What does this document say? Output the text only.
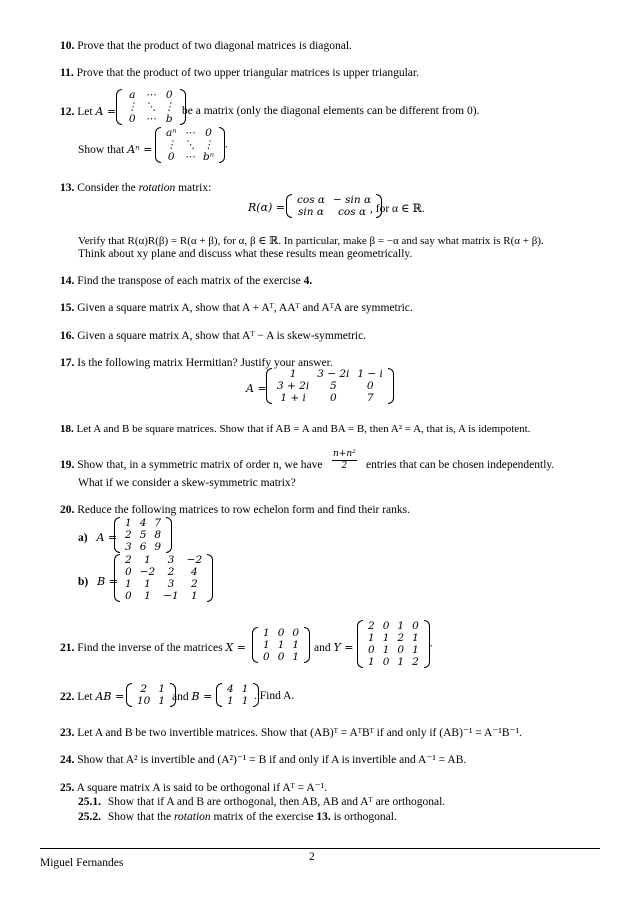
10. Prove that the product of two diagonal matrices is diagonal.
11. Prove that the product of two upper triangular matrices is upper triangular.
12. Let A =
a ⋯ 0
⋮ ⋱ ⋮
0 ⋯ b
be a matrix (only the diagonal elements can be different from 0).
Show that Aⁿ =
aⁿ ⋯ 0
⋮ ⋱ ⋮
0 ⋯ bⁿ
.
13. Consider the rotation matrix:
R(α) =
cos α − sin α
sin α	cos α , for α ∈ ℝ.
Verify that R(α)R(β) = R(α + β), for α, β ∈ ℝ. In particular, make β = −α and say what matrix is R(α + β).
Think about xy plane and discuss what these results mean geometrically.
14. Find the transpose of each matrix of the exercise 4.
15. Given a square matrix A, show that A + Aᵀ, AAᵀ and AᵀA are symmetric.
16. Given a square matrix A, show that Aᵀ − A is skew-symmetric.
17. Is the following matrix Hermitian? Justify your answer.
A =
1	3 − 2i 1 − i
3 + 2i	5	0
1 + i	0	7
18. Let A and B be square matrices. Show that if AB = A and BA = B, then A² = A, that is, A is idempotent.
19. Show that, in a symmetric matrix of order n, we have $\frac{\text{n+n²}}{2}$ entries that can be chosen independently.
What if we consider a skew-symmetric matrix?
20. Reduce the following matrices to row echelon form and find their ranks.
a) A =
1 4 7
2 5 8
3 6 9
b) B =
2	1	3	−2
0 −2	2	4
1	1	3	2
0	1	−1	1
21. Find the inverse of the matrices X =
1 0 0
1 1 1
0 0 1
and Y =
2 0 1 0
1 1 2 1
0 1 0 1
1 0 1 2
.
22. Let AB =
2	1
10 1 and B =
4 1
1 1 . Find A.
23. Let A and B be two invertible matrices. Show that (AB)ᵀ = AᵀBᵀ if and only if (AB)⁻¹ = A⁻¹B⁻¹.
24. Show that A² is invertible and (A²)⁻¹ = B if and only if A is invertible and A⁻¹ = AB.
25. A square matrix A is said to be orthogonal if Aᵀ = A⁻¹.
25.1. Show that if A and B are orthogonal, then AB, AB and Aᵀ are orthogonal.
25.2. Show that the rotation matrix of the exercise 13. is orthogonal.
2
Miguel Fernandes
